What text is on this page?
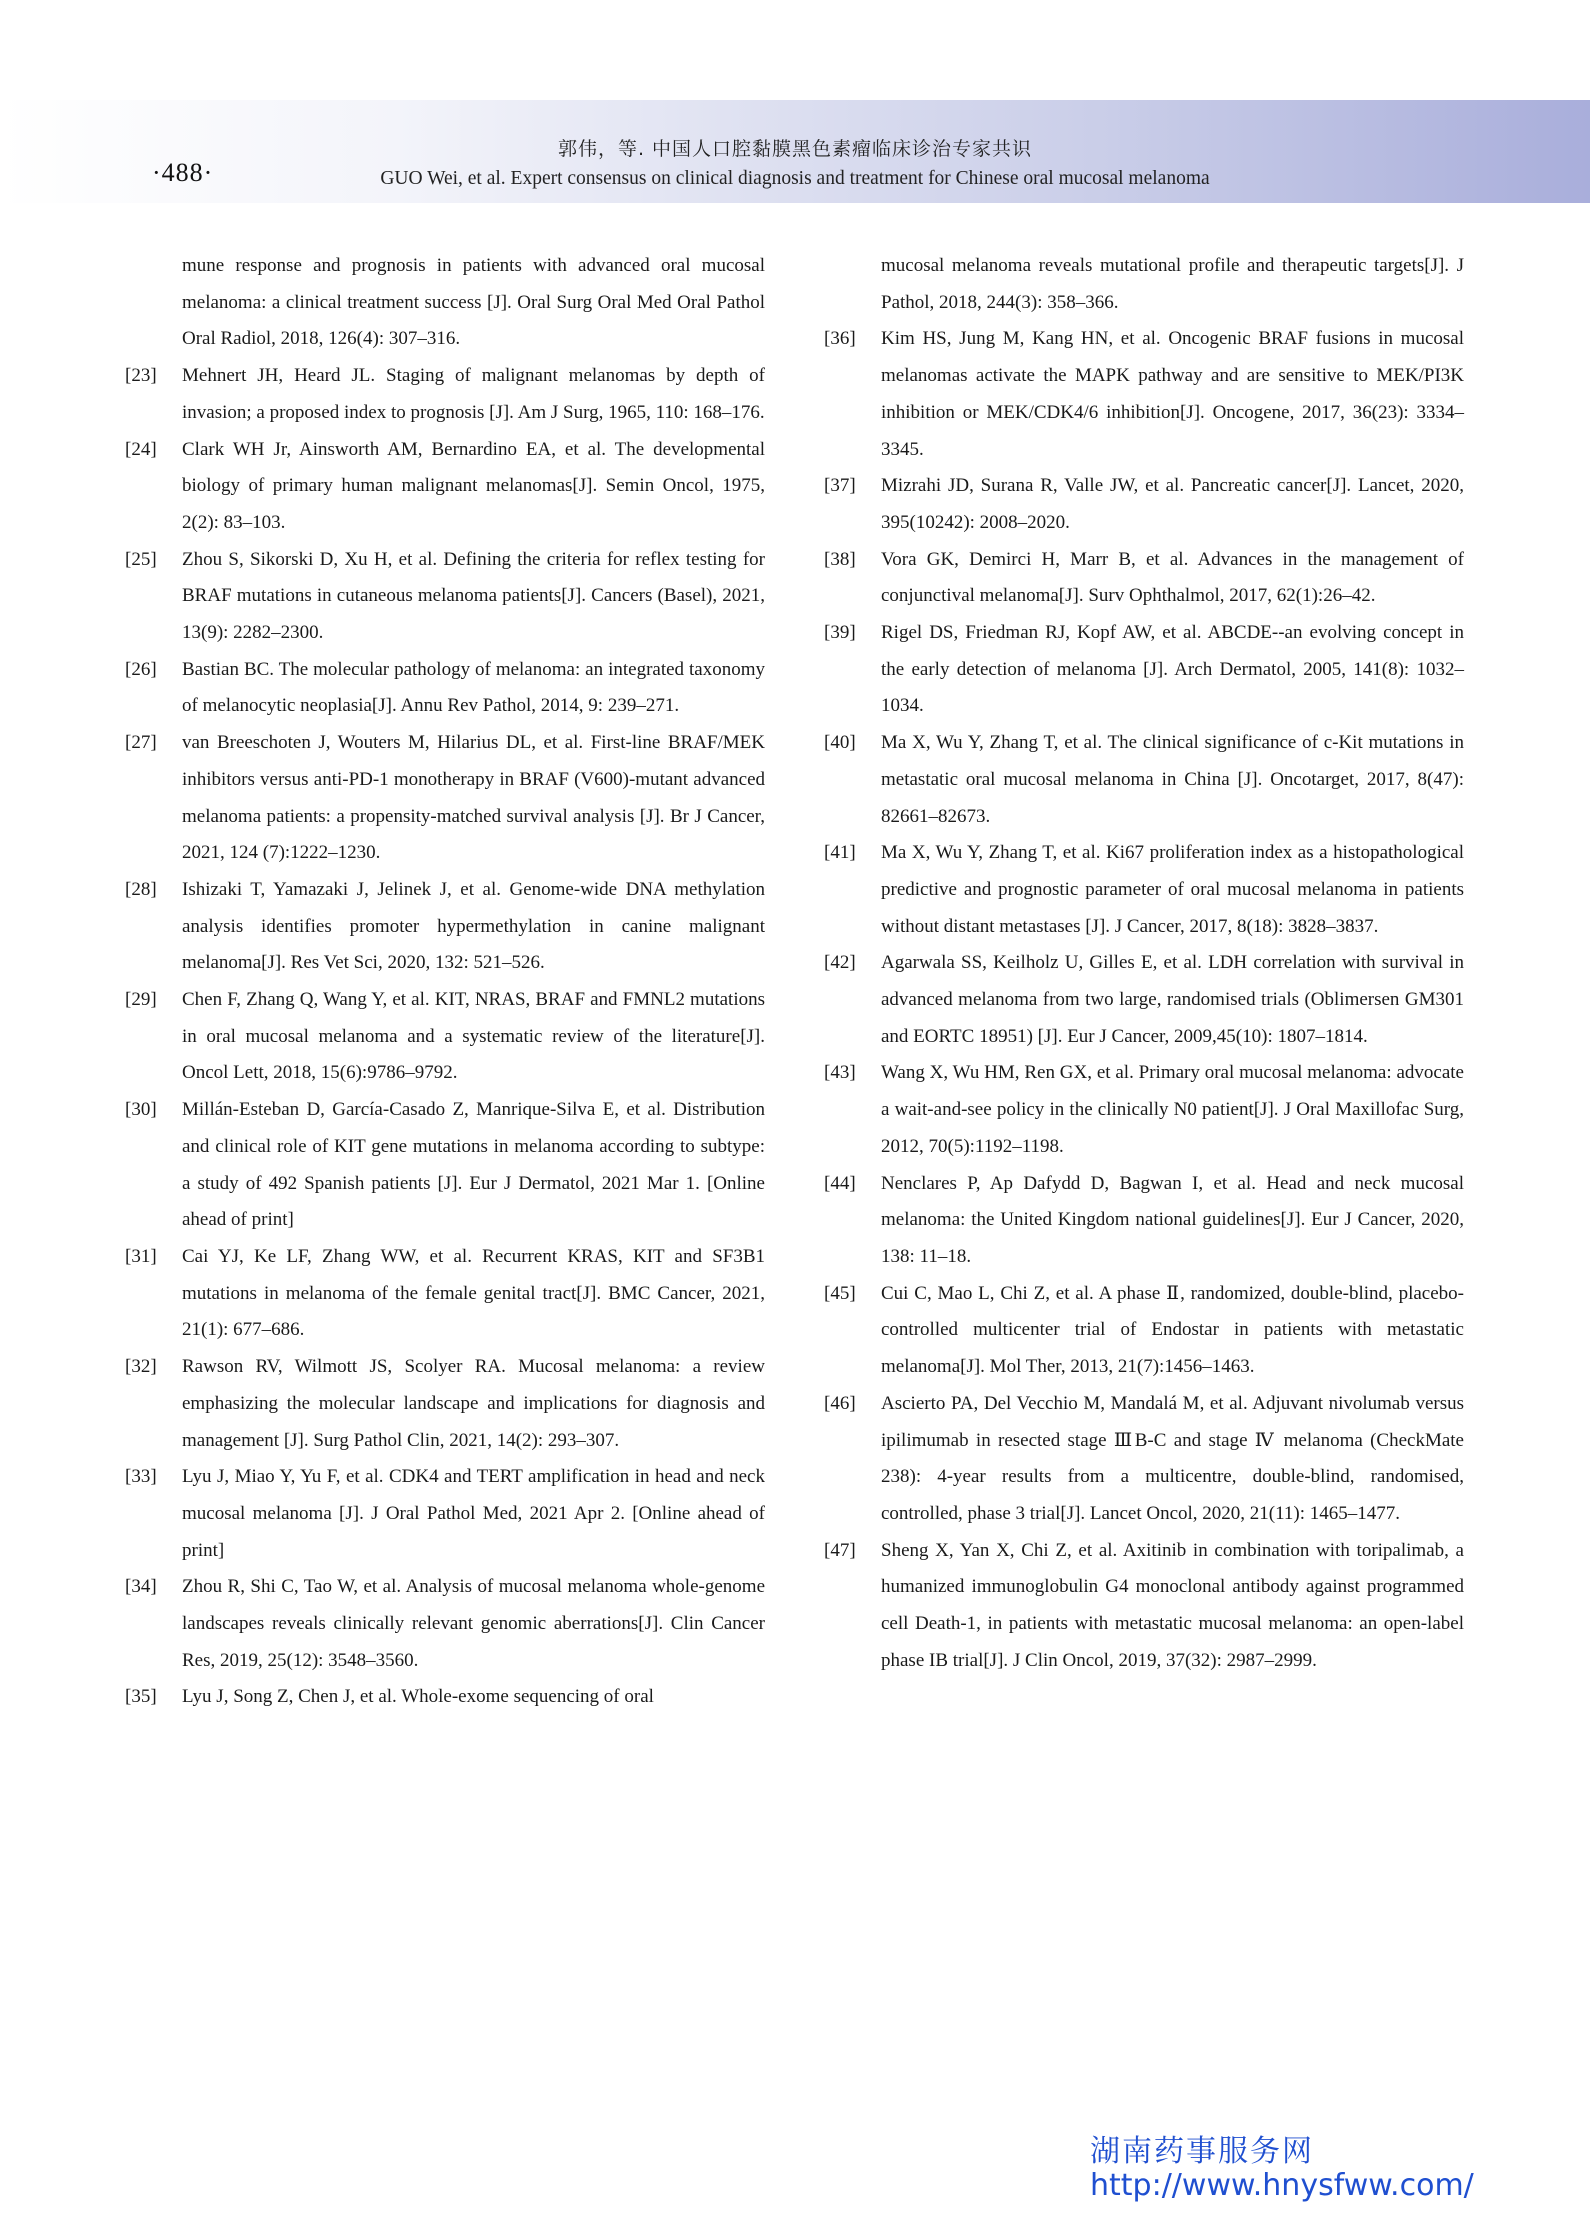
·488·
郭伟，等. 中国人口腔黏膜黑色素瘤临床诊治专家共识
GUO Wei, et al. Expert consensus on clinical diagnosis and treatment for Chinese oral mucosal melanoma
mune response and prognosis in patients with advanced oral mucosal melanoma: a clinical treatment success [J]. Oral Surg Oral Med Oral Pathol Oral Radiol, 2018, 126(4): 307–316.
[23]	Mehnert JH, Heard JL. Staging of malignant melanomas by depth of invasion; a proposed index to prognosis [J]. Am J Surg, 1965, 110: 168–176.
[24]	Clark WH Jr, Ainsworth AM, Bernardino EA, et al. The developmental biology of primary human malignant melanomas[J]. Semin Oncol, 1975, 2(2): 83–103.
[25]	Zhou S, Sikorski D, Xu H, et al. Defining the criteria for reflex testing for BRAF mutations in cutaneous melanoma patients[J]. Cancers (Basel), 2021, 13(9): 2282–2300.
[26]	Bastian BC. The molecular pathology of melanoma: an integrated taxonomy of melanocytic neoplasia[J]. Annu Rev Pathol, 2014, 9: 239–271.
[27]	van Breeschoten J, Wouters M, Hilarius DL, et al. First-line BRAF/MEK inhibitors versus anti-PD-1 monotherapy in BRAF (V600)-mutant advanced melanoma patients: a propensity-matched survival analysis [J]. Br J Cancer, 2021, 124 (7):1222–1230.
[28]	Ishizaki T, Yamazaki J, Jelinek J, et al. Genome-wide DNA methylation analysis identifies promoter hypermethylation in canine malignant melanoma[J]. Res Vet Sci, 2020, 132: 521–526.
[29]	Chen F, Zhang Q, Wang Y, et al. KIT, NRAS, BRAF and FMNL2 mutations in oral mucosal melanoma and a systematic review of the literature[J]. Oncol Lett, 2018, 15(6):9786–9792.
[30]	Millán-Esteban D, García-Casado Z, Manrique-Silva E, et al. Distribution and clinical role of KIT gene mutations in melanoma according to subtype: a study of 492 Spanish patients [J]. Eur J Dermatol, 2021 Mar 1. [Online ahead of print]
[31]	Cai YJ, Ke LF, Zhang WW, et al. Recurrent KRAS, KIT and SF3B1 mutations in melanoma of the female genital tract[J]. BMC Cancer, 2021, 21(1): 677–686.
[32]	Rawson RV, Wilmott JS, Scolyer RA. Mucosal melanoma: a review emphasizing the molecular landscape and implications for diagnosis and management [J]. Surg Pathol Clin, 2021, 14(2): 293–307.
[33]	Lyu J, Miao Y, Yu F, et al. CDK4 and TERT amplification in head and neck mucosal melanoma [J]. J Oral Pathol Med, 2021 Apr 2. [Online ahead of print]
[34]	Zhou R, Shi C, Tao W, et al. Analysis of mucosal melanoma whole-genome landscapes reveals clinically relevant genomic aberrations[J]. Clin Cancer Res, 2019, 25(12): 3548–3560.
[35]	Lyu J, Song Z, Chen J, et al. Whole-exome sequencing of oral
mucosal melanoma reveals mutational profile and therapeutic targets[J]. J Pathol, 2018, 244(3): 358–366.
[36]	Kim HS, Jung M, Kang HN, et al. Oncogenic BRAF fusions in mucosal melanomas activate the MAPK pathway and are sensitive to MEK/PI3K inhibition or MEK/CDK4/6 inhibition[J]. Oncogene, 2017, 36(23): 3334–3345.
[37]	Mizrahi JD, Surana R, Valle JW, et al. Pancreatic cancer[J]. Lancet, 2020, 395(10242): 2008–2020.
[38]	Vora GK, Demirci H, Marr B, et al. Advances in the management of conjunctival melanoma[J]. Surv Ophthalmol, 2017, 62(1):26–42.
[39]	Rigel DS, Friedman RJ, Kopf AW, et al. ABCDE--an evolving concept in the early detection of melanoma [J]. Arch Dermatol, 2005, 141(8): 1032–1034.
[40]	Ma X, Wu Y, Zhang T, et al. The clinical significance of c-Kit mutations in metastatic oral mucosal melanoma in China [J]. Oncotarget, 2017, 8(47): 82661–82673.
[41]	Ma X, Wu Y, Zhang T, et al. Ki67 proliferation index as a histopathological predictive and prognostic parameter of oral mucosal melanoma in patients without distant metastases [J]. J Cancer, 2017, 8(18): 3828–3837.
[42]	Agarwala SS, Keilholz U, Gilles E, et al. LDH correlation with survival in advanced melanoma from two large, randomised trials (Oblimersen GM301 and EORTC 18951) [J]. Eur J Cancer, 2009,45(10): 1807–1814.
[43]	Wang X, Wu HM, Ren GX, et al. Primary oral mucosal melanoma: advocate a wait-and-see policy in the clinically N0 patient[J]. J Oral Maxillofac Surg, 2012, 70(5):1192–1198.
[44]	Nenclares P, Ap Dafydd D, Bagwan I, et al. Head and neck mucosal melanoma: the United Kingdom national guidelines[J]. Eur J Cancer, 2020, 138: 11–18.
[45]	Cui C, Mao L, Chi Z, et al. A phase Ⅱ, randomized, double-blind, placebo-controlled multicenter trial of Endostar in patients with metastatic melanoma[J]. Mol Ther, 2013, 21(7):1456–1463.
[46]	Ascierto PA, Del Vecchio M, Mandalá M, et al. Adjuvant nivolumab versus ipilimumab in resected stage ⅢB-C and stage Ⅳ melanoma (CheckMate 238): 4-year results from a multicentre, double-blind, randomised, controlled, phase 3 trial[J]. Lancet Oncol, 2020, 21(11): 1465–1477.
[47]	Sheng X, Yan X, Chi Z, et al. Axitinib in combination with toripalimab, a humanized immunoglobulin G4 monoclonal antibody against programmed cell Death-1, in patients with metastatic mucosal melanoma: an open-label phase IB trial[J]. J Clin Oncol, 2019, 37(32): 2987–2999.
湖南药事服务网
http://www.hnysfww.com/
